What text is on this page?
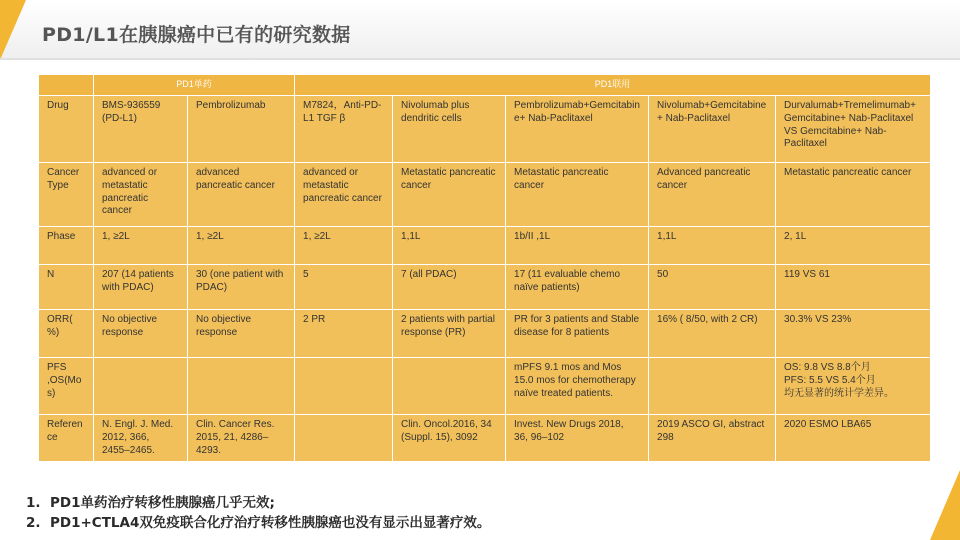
PD1/L1在胰腺癌中已有的研究数据
	PD1单药		PD1联用				
Drug	BMS-936559 (PD-L1)	Pembrolizumab	M7824，Anti-PD-L1 TGF β	Nivolumab plus dendritic cells	Pembrolizumab+Gemcitabine+ Nab-Paclitaxel	Nivolumab+Gemcitabine+ Nab-Paclitaxel	Durvalumab+Tremelimumab+Gemcitabine+ Nab-Paclitaxel VS Gemcitabine+ Nab-Paclitaxel
Cancer Type	advanced or metastatic pancreatic cancer	advanced pancreatic cancer	advanced or metastatic pancreatic cancer	Metastatic pancreatic cancer	Metastatic pancreatic cancer	Advanced pancreatic cancer	Metastatic pancreatic cancer
Phase	1, ≥2L	1, ≥2L	1, ≥2L	1,1L	1b/II ,1L	1,1L	2, 1L
N	207 (14 patients with PDAC)	30 (one patient with PDAC)	5	7 (all PDAC)	17 (11 evaluable chemo naïve patients)	50	119 VS 61
ORR( %)	No objective response	No objective response	2 PR	2 patients with partial response (PR)	PR for 3 patients and Stable disease for 8 patients	16% ( 8/50, with 2 CR)	30.3% VS 23%
PFS ,OS(Mos)					mPFS 9.1 mos and Mos 15.0 mos for chemotherapy naïve treated patients.		OS: 9.8 VS 8.8个月
PFS: 5.5 VS 5.4个月
均无显著的统计学差异。
Reference	N. Engl. J. Med. 2012, 366, 2455–2465.	Clin. Cancer Res. 2015, 21, 4286–4293.		Clin. Oncol.2016, 34 (Suppl. 15), 3092	Invest. New Drugs 2018, 36, 96–102	2019 ASCO GI, abstract 298	2020 ESMO LBA65
1. PD1单药治疗转移性胰腺癌几乎无效;
2. PD1+CTLA4双免疫联合化疗治疗转移性胰腺癌也没有显示出显著疗效。
